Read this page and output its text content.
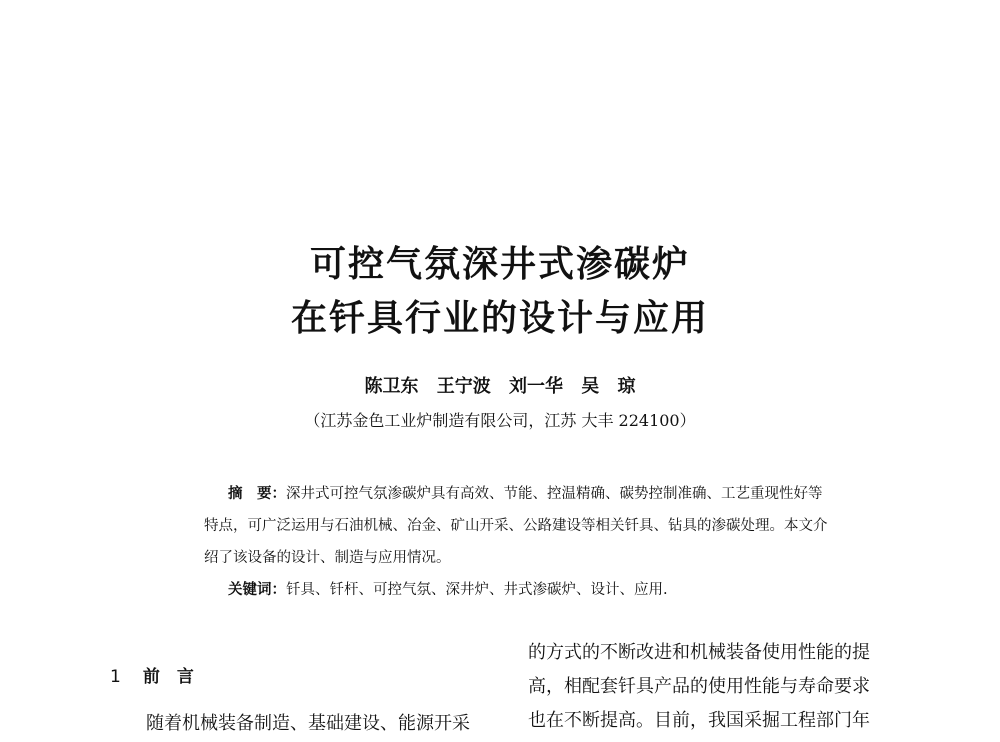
可控气氛深井式渗碳炉
在钎具行业的设计与应用
陈卫东 王宁波 刘一华 吴 琼
（江苏金色工业炉制造有限公司，江苏 大丰 224100）

摘　要：深井式可控气氛渗碳炉具有高效、节能、控温精确、碳势控制准确、工艺重现性好等特点，可广泛运用与石油机械、冶金、矿山开采、公路建设等相关钎具、钻具的渗碳处理。本文介绍了该设备的设计、制造与应用情况。

关键词：钎具、钎杆、可控气氛、深井炉、井式渗碳炉、设计、应用.

1 前　言
随着机械装备制造、基础建设、能源开采
的方式的不断改进和机械装备使用性能的提
高，相配套钎具产品的使用性能与寿命要求
也在不断提高。目前，我国采掘工程部门年
